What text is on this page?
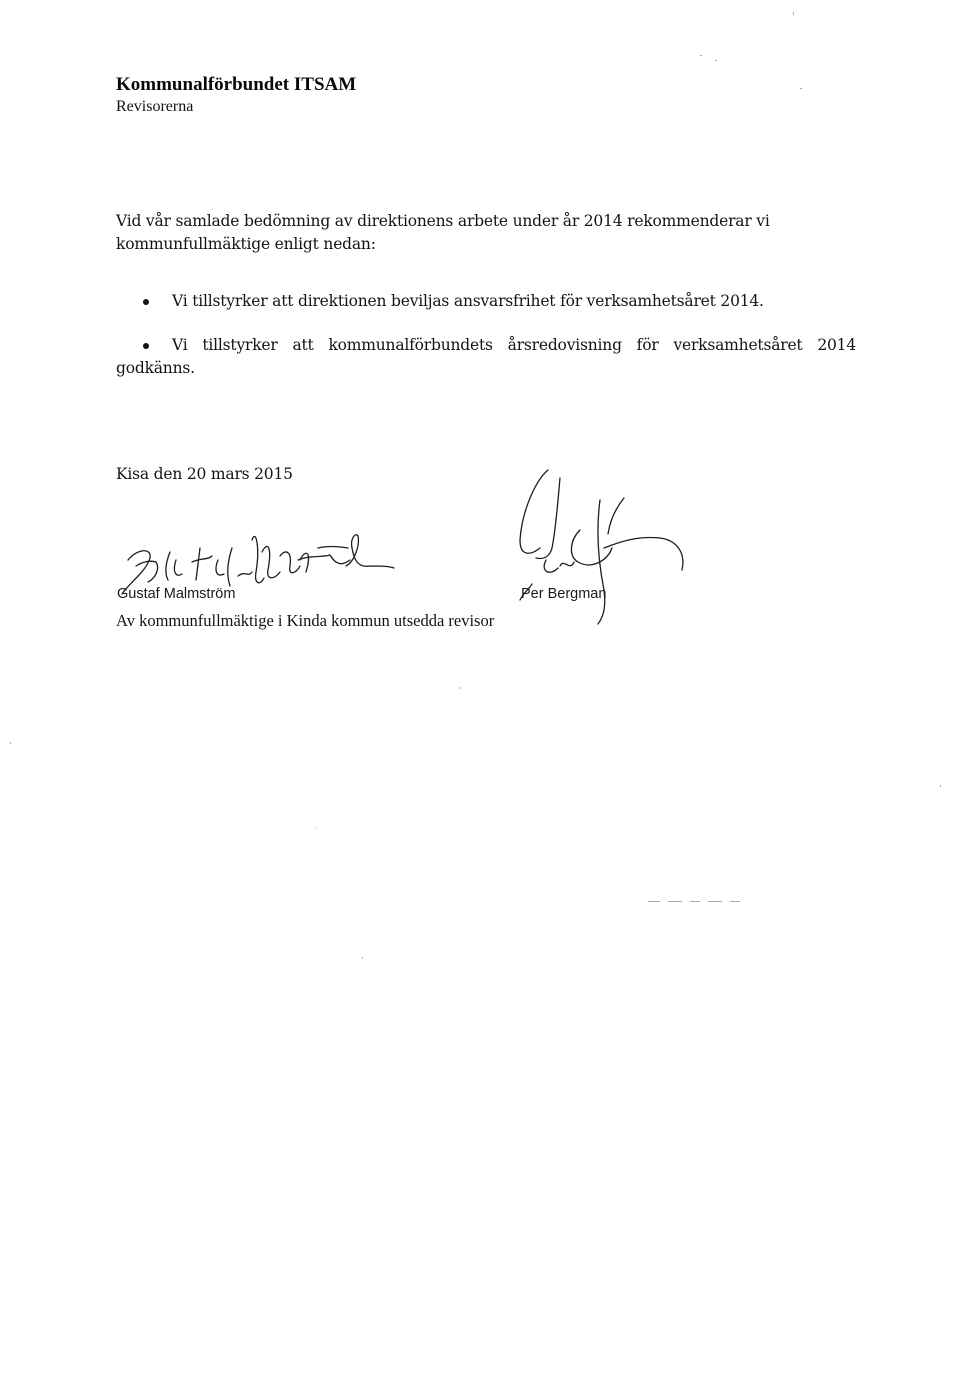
Kommunalförbundet ITSAM

Revisorerna

Vid vår samlade bedömning av direktionens arbete under år 2014 rekommenderar vi kommunfullmäktige enligt nedan:

Vi tillstyrker att direktionen beviljas ansvarsfrihet för verksamhetsåret 2014.
Vi tillstyrker att kommunalförbundets årsredovisning för verksamhetsåret 2014 godkänns.

Kisa den 20 mars 2015

Gustaf Malmström	Per Bergman

Av kommunfullmäktige i Kinda kommun utsedda revisor
